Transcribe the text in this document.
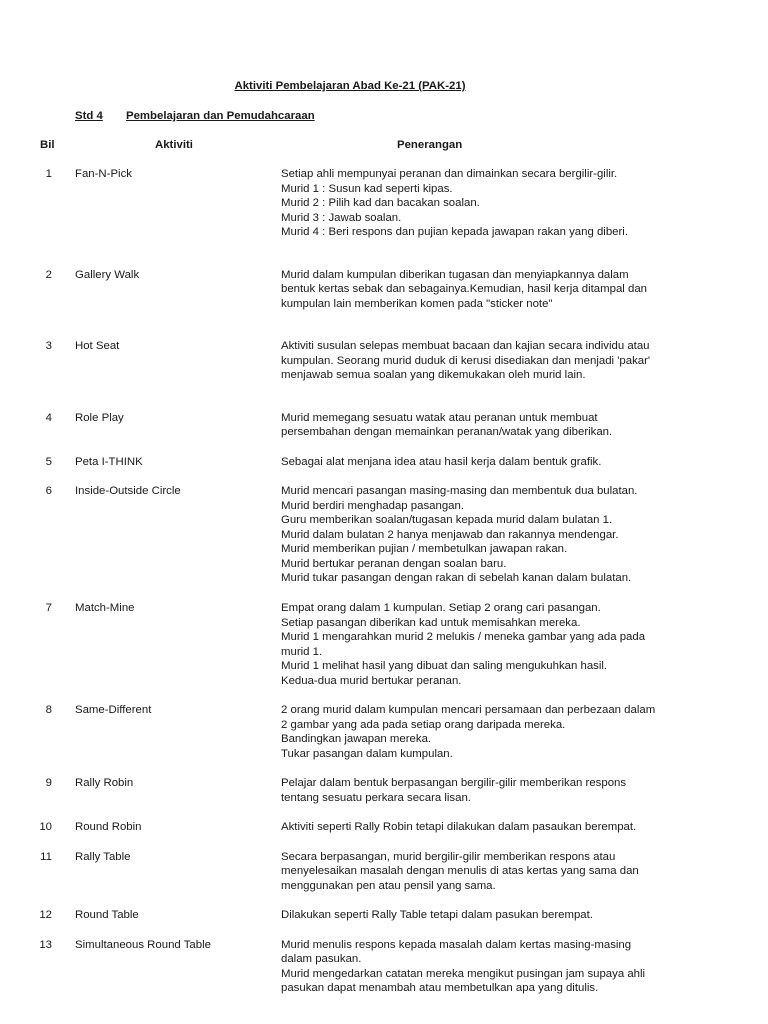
Aktiviti Pembelajaran Abad Ke-21 (PAK-21)
Std 4 Pembelajaran dan Pemudahcaraan
Bil	Aktiviti	Penerangan
1 Fan-N-Pick	Setiap ahli mempunyai peranan dan dimainkan secara bergilir-gilir.
Murid 1 : Susun kad seperti kipas.
Murid 2 : Pilih kad dan bacakan soalan.
Murid 3 : Jawab soalan.
Murid 4 : Beri respons dan pujian kepada jawapan rakan yang diberi.
2 Gallery Walk	Murid dalam kumpulan diberikan tugasan dan menyiapkannya dalam
bentuk kertas sebak dan sebagainya.Kemudian, hasil kerja ditampal dan
kumpulan lain memberikan komen pada "sticker note"
3 Hot Seat	Aktiviti susulan selepas membuat bacaan dan kajian secara individu atau
kumpulan. Seorang murid duduk di kerusi disediakan dan menjadi 'pakar'
menjawab semua soalan yang dikemukakan oleh murid lain.
4 Role Play	Murid memegang sesuatu watak atau peranan untuk membuat
persembahan dengan memainkan peranan/watak yang diberikan.
5 Peta I-THINK	Sebagai alat menjana idea atau hasil kerja dalam bentuk grafik.
6 Inside-Outside Circle	Murid mencari pasangan masing-masing dan membentuk dua bulatan.
Murid berdiri menghadap pasangan.
Guru memberikan soalan/tugasan kepada murid dalam bulatan 1.
Murid dalam bulatan 2 hanya menjawab dan rakannya mendengar.
Murid memberikan pujian / membetulkan jawapan rakan.
Murid bertukar peranan dengan soalan baru.
Murid tukar pasangan dengan rakan di sebelah kanan dalam bulatan.
7 Match-Mine	Empat orang dalam 1 kumpulan. Setiap 2 orang cari pasangan.
Setiap pasangan diberikan kad untuk memisahkan mereka.
Murid 1 mengarahkan murid 2 melukis / meneka gambar yang ada pada
murid 1.
Murid 1 melihat hasil yang dibuat dan saling mengukuhkan hasil.
Kedua-dua murid bertukar peranan.
8 Same-Different	2 orang murid dalam kumpulan mencari persamaan dan perbezaan dalam
2 gambar yang ada pada setiap orang daripada mereka.
Bandingkan jawapan mereka.
Tukar pasangan dalam kumpulan.
9 Rally Robin	Pelajar dalam bentuk berpasangan bergilir-gilir memberikan respons
tentang sesuatu perkara secara lisan.
10 Round Robin	Aktiviti seperti Rally Robin tetapi dilakukan dalam pasaukan berempat.
11 Rally Table	Secara berpasangan, murid bergilir-gilir memberikan respons atau
menyelesaikan masalah dengan menulis di atas kertas yang sama dan
menggunakan pen atau pensil yang sama.
12 Round Table	Dilakukan seperti Rally Table tetapi dalam pasukan berempat.
13 Simultaneous Round Table	Murid menulis respons kepada masalah dalam kertas masing-masing
dalam pasukan.
Murid mengedarkan catatan mereka mengikut pusingan jam supaya ahli
pasukan dapat menambah atau membetulkan apa yang ditulis.
